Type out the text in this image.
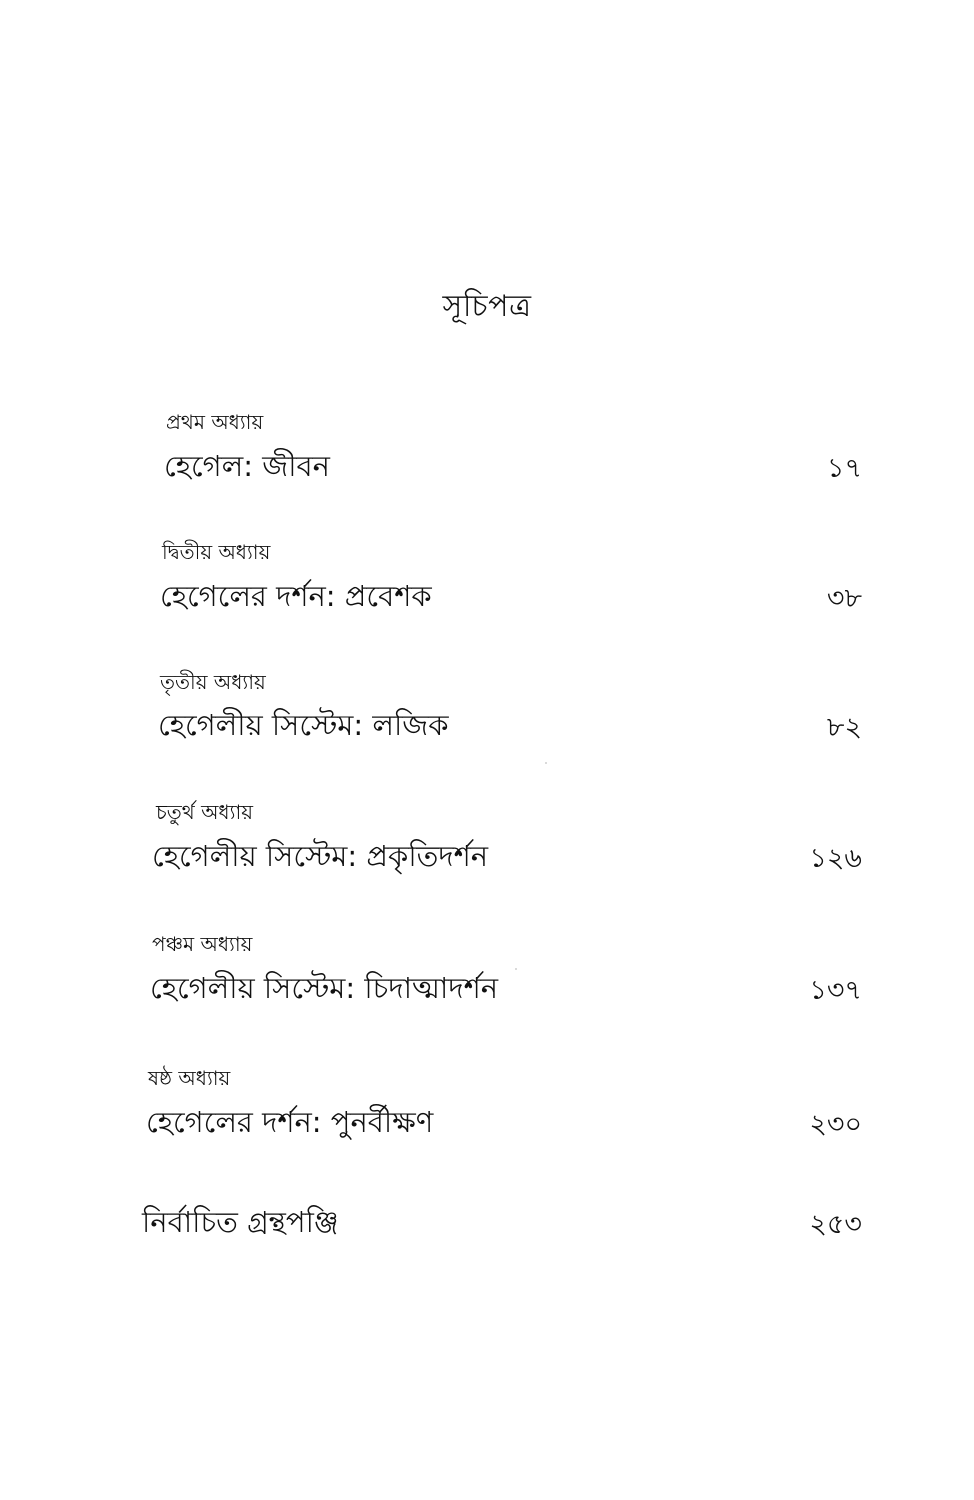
সূচিপত্র
প্রথম অধ্যায়
হেগেল: জীবন	১৭
দ্বিতীয় অধ্যায়
হেগেলের দর্শন: প্রবেশক	৩৮
তৃতীয় অধ্যায়
হেগেলীয় সিস্টেম: লজিক	৮২
চতুর্থ অধ্যায়
হেগেলীয় সিস্টেম: প্রকৃতিদর্শন	১২৬
পঞ্চম অধ্যায়
হেগেলীয় সিস্টেম: চিদাত্মাদর্শন	১৩৭
ষষ্ঠ অধ্যায়
হেগেলের দর্শন: পুনর্বীক্ষণ	২৩০
নির্বাচিত গ্রন্থপঞ্জি	২৫৩
